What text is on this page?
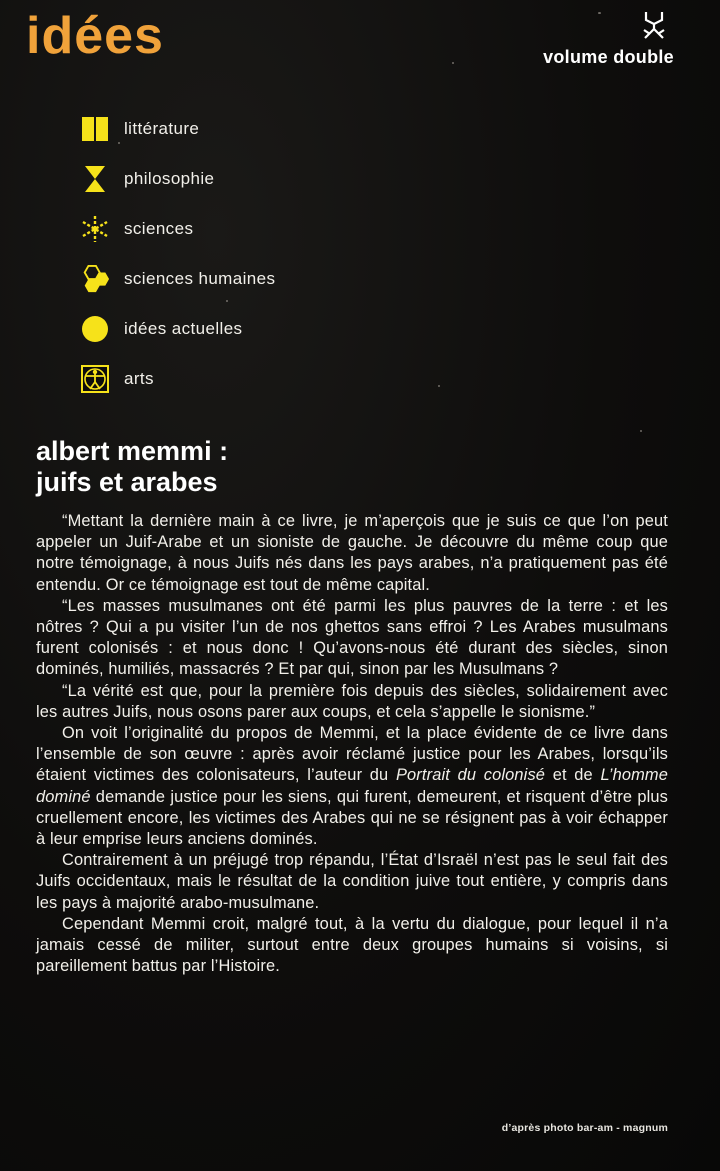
idées	volume double
littérature
philosophie
sciences
sciences humaines
idées actuelles
arts
albert memmi :
juifs et arabes

“Mettant la dernière main à ce livre, je m’aperçois que je suis ce que l’on peut appeler un Juif-Arabe et un sioniste de gauche. Je découvre du même coup que notre témoignage, à nous Juifs nés dans les pays arabes, n’a pratiquement pas été entendu. Or ce témoignage est tout de même capital.

“Les masses musulmanes ont été parmi les plus pauvres de la terre : et les nôtres ? Qui a pu visiter l’un de nos ghettos sans effroi ? Les Arabes musulmans furent colonisés : et nous donc ! Qu’avons-nous été durant des siècles, sinon dominés, humiliés, massacrés ? Et par qui, sinon par les Musulmans ?

“La vérité est que, pour la première fois depuis des siècles, solidairement avec les autres Juifs, nous osons parer aux coups, et cela s’appelle le sionisme.”

On voit l’originalité du propos de Memmi, et la place évidente de ce livre dans l’ensemble de son œuvre : après avoir réclamé justice pour les Arabes, lorsqu’ils étaient victimes des colonisateurs, l’auteur du Portrait du colonisé et de L’homme dominé demande justice pour les siens, qui furent, demeurent, et risquent d’être plus cruellement encore, les victimes des Arabes qui ne se résignent pas à voir échapper à leur emprise leurs anciens dominés.

Contrairement à un préjugé trop répandu, l’État d’Israël n’est pas le seul fait des Juifs occidentaux, mais le résultat de la condition juive tout entière, y compris dans les pays à majorité arabo-musulmane.

Cependant Memmi croit, malgré tout, à la vertu du dialogue, pour lequel il n’a jamais cessé de militer, surtout entre deux groupes humains si voisins, si pareillement battus par l’Histoire.

d’après photo bar-am - magnum
